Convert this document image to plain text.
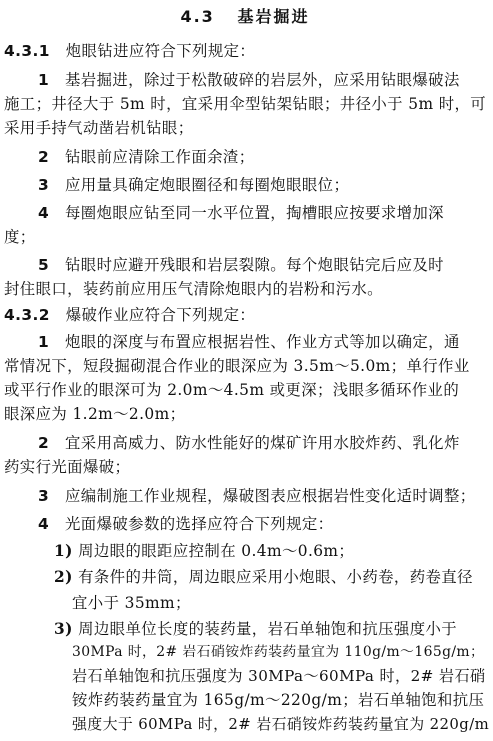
4.3 基岩掘进
4.3.1 炮眼钻进应符合下列规定：
1 基岩掘进，除过于松散破碎的岩层外，应采用钻眼爆破法
施工；井径大于 5m 时，宜采用伞型钻架钻眼；井径小于 5m 时，可
采用手持气动凿岩机钻眼；
2 钻眼前应清除工作面余渣；
3 应用量具确定炮眼圈径和每圈炮眼眼位；
4 每圈炮眼应钻至同一水平位置，掏槽眼应按要求增加深
度；
5 钻眼时应避开残眼和岩层裂隙。每个炮眼钻完后应及时
封住眼口，装药前应用压气清除炮眼内的岩粉和污水。
4.3.2 爆破作业应符合下列规定：
1 炮眼的深度与布置应根据岩性、作业方式等加以确定，通
常情况下，短段掘砌混合作业的眼深应为 3.5m～5.0m；单行作业
或平行作业的眼深可为 2.0m～4.5m 或更深；浅眼多循环作业的
眼深应为 1.2m～2.0m；
2 宜采用高威力、防水性能好的煤矿许用水胶炸药、乳化炸
药实行光面爆破；
3 应编制施工作业规程，爆破图表应根据岩性变化适时调整；
4 光面爆破参数的选择应符合下列规定：
1) 周边眼的眼距应控制在 0.4m～0.6m；
2) 有条件的井筒，周边眼应采用小炮眼、小药卷，药卷直径
宜小于 35mm；
3) 周边眼单位长度的装药量，岩石单轴饱和抗压强度小于
30MPa 时，2# 岩石硝铵炸药装药量宜为 110g/m～165g/m；
岩石单轴饱和抗压强度为 30MPa～60MPa 时，2# 岩石硝
铵炸药装药量宜为 165g/m～220g/m；岩石单轴饱和抗压
强度大于 60MPa 时，2# 岩石硝铵炸药装药量宜为 220g/m
